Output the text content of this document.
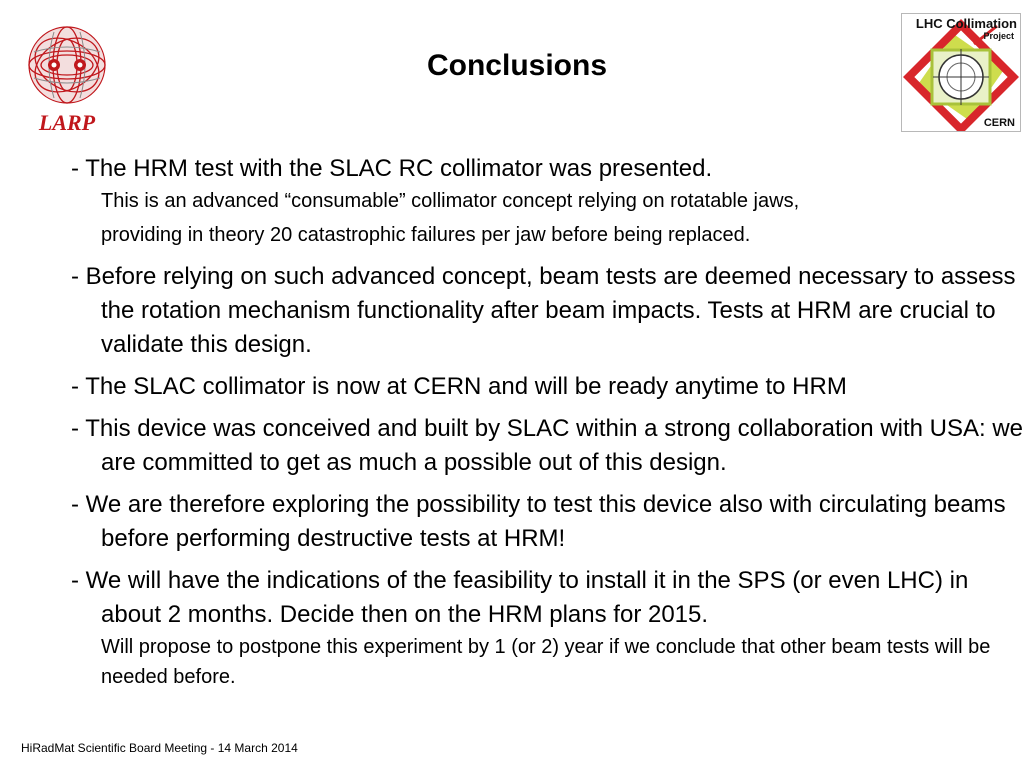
LARP
Conclusions
LHC Collimation
Project
CERN

- The HRM test with the SLAC RC collimator was presented.

This is an advanced “consumable” collimator concept relying on rotatable jaws,

providing in theory 20 catastrophic failures per jaw before being replaced.

- Before relying on such advanced concept, beam tests are deemed necessary to assess the rotation mechanism functionality after beam impacts. Tests at HRM are crucial to validate this design.

- The SLAC collimator is now at CERN and will be ready anytime to HRM

- This device was conceived and built by SLAC within a strong collaboration with USA: we are committed to get as much a possible out of this design.

- We are therefore exploring the possibility to test this device also with circulating beams before performing destructive tests at HRM!

- We will have the indications of the feasibility to install it in the SPS (or even LHC) in about 2 months. Decide then on the HRM plans for 2015.

Will propose to postpone this experiment by 1 (or 2) year if we conclude that other beam tests will be needed before.

HiRadMat Scientific Board Meeting - 14 March 2014
